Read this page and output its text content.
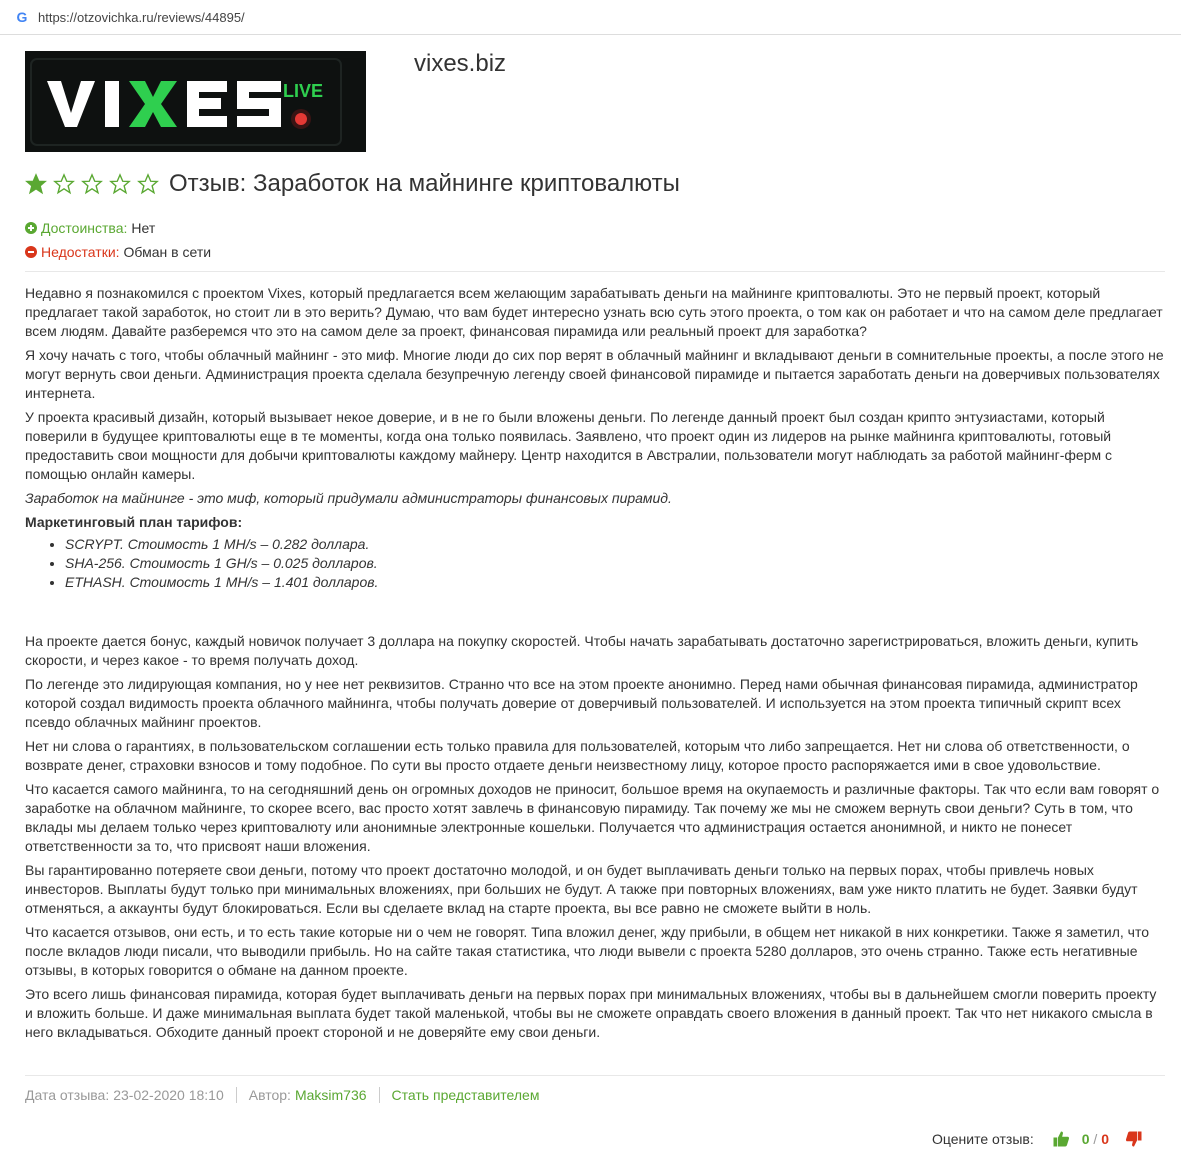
G https://otzovichka.ru/reviews/44895/
LIVE
vixes.biz
Отзыв: Заработок на майнинге криптовалюты
Достоинства: Нет
Недостатки: Обман в сети

Недавно я познакомился с проектом Vixes, который предлагается всем желающим зарабатывать деньги на майнинге криптовалюты. Это не первый проект, который предлагает такой заработок, но стоит ли в это верить? Думаю, что вам будет интересно узнать всю суть этого проекта, о том как он работает и что на самом деле предлагает всем людям. Давайте разберемся что это на самом деле за проект, финансовая пирамида или реальный проект для заработка?

Я хочу начать с того, чтобы облачный майнинг - это миф. Многие люди до сих пор верят в облачный майнинг и вкладывают деньги в сомнительные проекты, а после этого не могут вернуть свои деньги. Администрация проекта сделала безупречную легенду своей финансовой пирамиде и пытается заработать деньги на доверчивых пользователях интернета.

У проекта красивый дизайн, который вызывает некое доверие, и в не го были вложены деньги. По легенде данный проект был создан крипто энтузиастами, который поверили в будущее криптовалюты еще в те моменты, когда она только появилась. Заявлено, что проект один из лидеров на рынке майнинга криптовалюты, готовый предоставить свои мощности для добычи криптовалюты каждому майнеру. Центр находится в Австралии, пользователи могут наблюдать за работой майнинг-ферм с помощью онлайн камеры.

Заработок на майнинге - это миф, который придумали администраторы финансовых пирамид.

Маркетинговый план тарифов:
• SCRYPT. Стоимость 1 MH/s – 0.282 доллара.
• SHA-256. Стоимость 1 GH/s – 0.025 долларов.
• ETHASH. Стоимость 1 MH/s – 1.401 долларов.

На проекте дается бонус, каждый новичок получает 3 доллара на покупку скоростей. Чтобы начать зарабатывать достаточно зарегистрироваться, вложить деньги, купить скорости, и через какое - то время получать доход.

По легенде это лидирующая компания, но у нее нет реквизитов. Странно что все на этом проекте анонимно. Перед нами обычная финансовая пирамида, администратор которой создал видимость проекта облачного майнинга, чтобы получать доверие от доверчивый пользователей. И используется на этом проекта типичный скрипт всех псевдо облачных майнинг проектов.

Нет ни слова о гарантиях, в пользовательском соглашении есть только правила для пользователей, которым что либо запрещается. Нет ни слова об ответственности, о возврате денег, страховки взносов и тому подобное. По сути вы просто отдаете деньги неизвестному лицу, которое просто распоряжается ими в свое удовольствие.

Что касается самого майнинга, то на сегодняшний день он огромных доходов не приносит, большое время на окупаемость и различные факторы. Так что если вам говорят о заработке на облачном майнинге, то скорее всего, вас просто хотят завлечь в финансовую пирамиду. Так почему же мы не сможем вернуть свои деньги? Суть в том, что вклады мы делаем только через криптовалюту или анонимные электронные кошельки. Получается что администрация остается анонимной, и никто не понесет ответственности за то, что присвоят наши вложения.

Вы гарантированно потеряете свои деньги, потому что проект достаточно молодой, и он будет выплачивать деньги только на первых порах, чтобы привлечь новых инвесторов. Выплаты будут только при минимальных вложениях, при больших не будут. А также при повторных вложениях, вам уже никто платить не будет. Заявки будут отменяться, а аккаунты будут блокироваться. Если вы сделаете вклад на старте проекта, вы все равно не сможете выйти в ноль.

Что касается отзывов, они есть, и то есть такие которые ни о чем не говорят. Типа вложил денег, жду прибыли, в общем нет никакой в них конкретики. Также я заметил, что после вкладов люди писали, что выводили прибыль. Но на сайте такая статистика, что люди вывели с проекта 5280 долларов, это очень странно. Также есть негативные отзывы, в которых говорится о обмане на данном проекте.

Это всего лишь финансовая пирамида, которая будет выплачивать деньги на первых порах при минимальных вложениях, чтобы вы в дальнейшем смогли поверить проекту и вложить больше. И даже минимальная выплата будет такой маленькой, чтобы вы не сможете оправдать своего вложения в данный проект. Так что нет никакого смысла в него вкладываться. Обходите данный проект стороной и не доверяйте ему свои деньги.

Дата отзыва: 23-02-2020 18:10 Автор: Maksim736 Стать представителем
Оцените отзыв:	0 / 0
